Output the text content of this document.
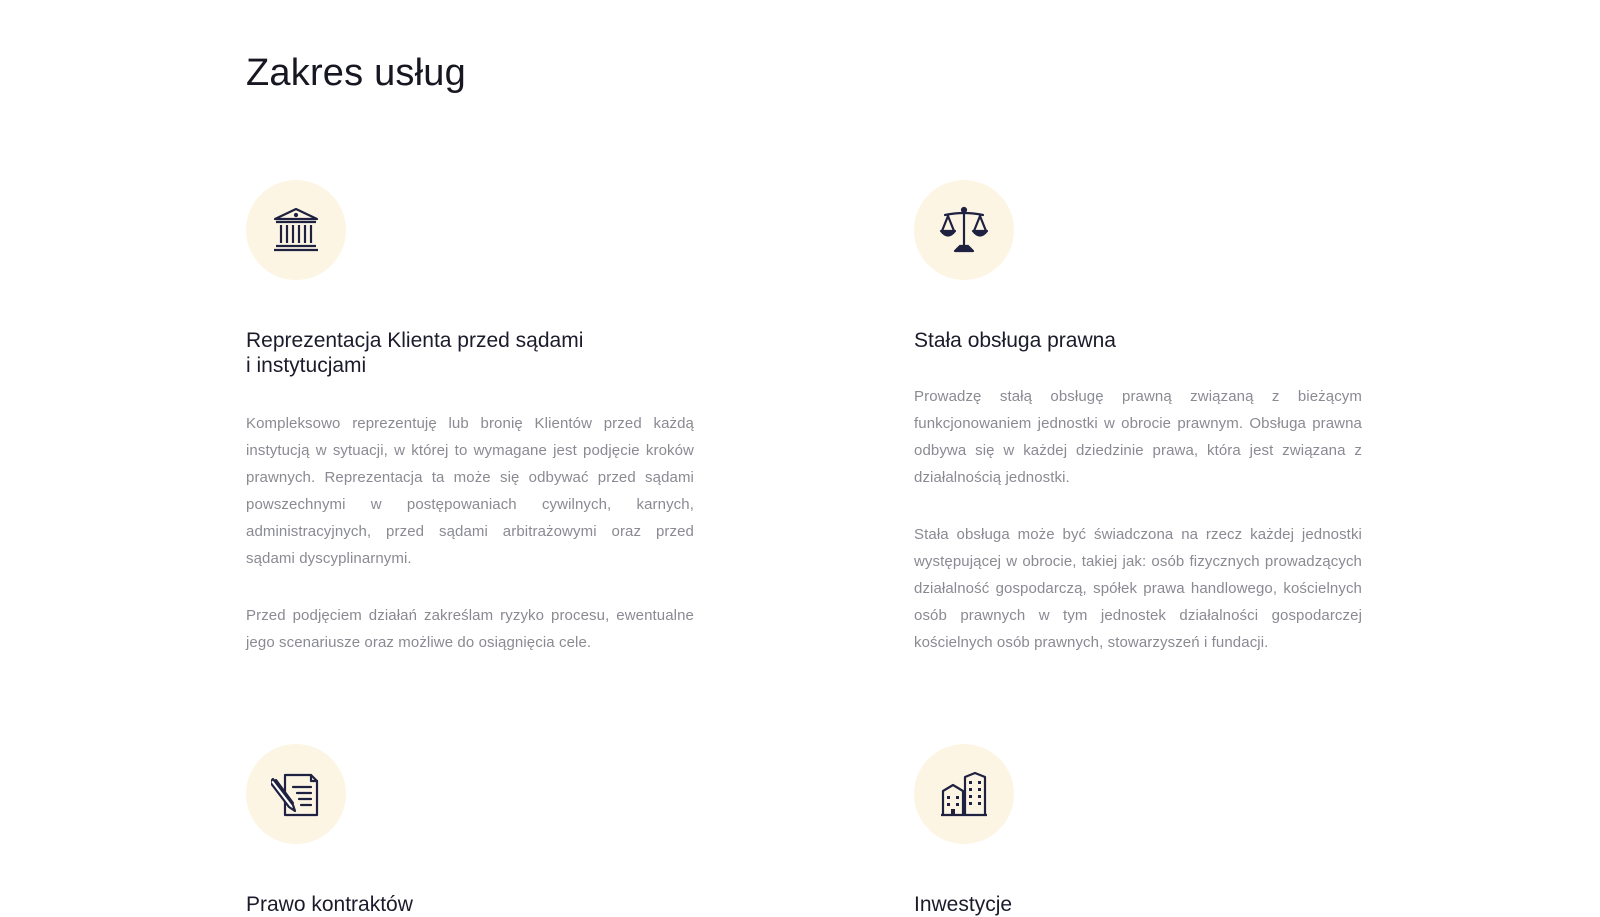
Zakres usług
Reprezentacja Klienta przed sądami
i instytucjami

Kompleksowo reprezentuję lub bronię Klientów przed każdą instytucją w sytuacji, w której to wymagane jest podjęcie kroków prawnych. Reprezentacja ta może się odbywać przed sądami powszechnymi w postępowaniach cywilnych, karnych, administracyjnych, przed sądami arbitrażowymi oraz przed sądami dyscyplinarnymi.

Przed podjęciem działań zakreślam ryzyko procesu, ewentualne jego scenariusze oraz możliwe do osiągnięcia cele.

Stała obsługa prawna

Prowadzę stałą obsługę prawną związaną z bieżącym funkcjonowaniem jednostki w obrocie prawnym. Obsługa prawna odbywa się w każdej dziedzinie prawa, która jest związana z działalnością jednostki.

Stała obsługa może być świadczona na rzecz każdej jednostki występującej w obrocie, takiej jak: osób fizycznych prowadzących działalność gospodarczą, spółek prawa handlowego, kościelnych osób prawnych w tym jednostek działalności gospodarczej kościelnych osób prawnych, stowarzyszeń i fundacji.

Prawo kontraktów	Inwestycje
